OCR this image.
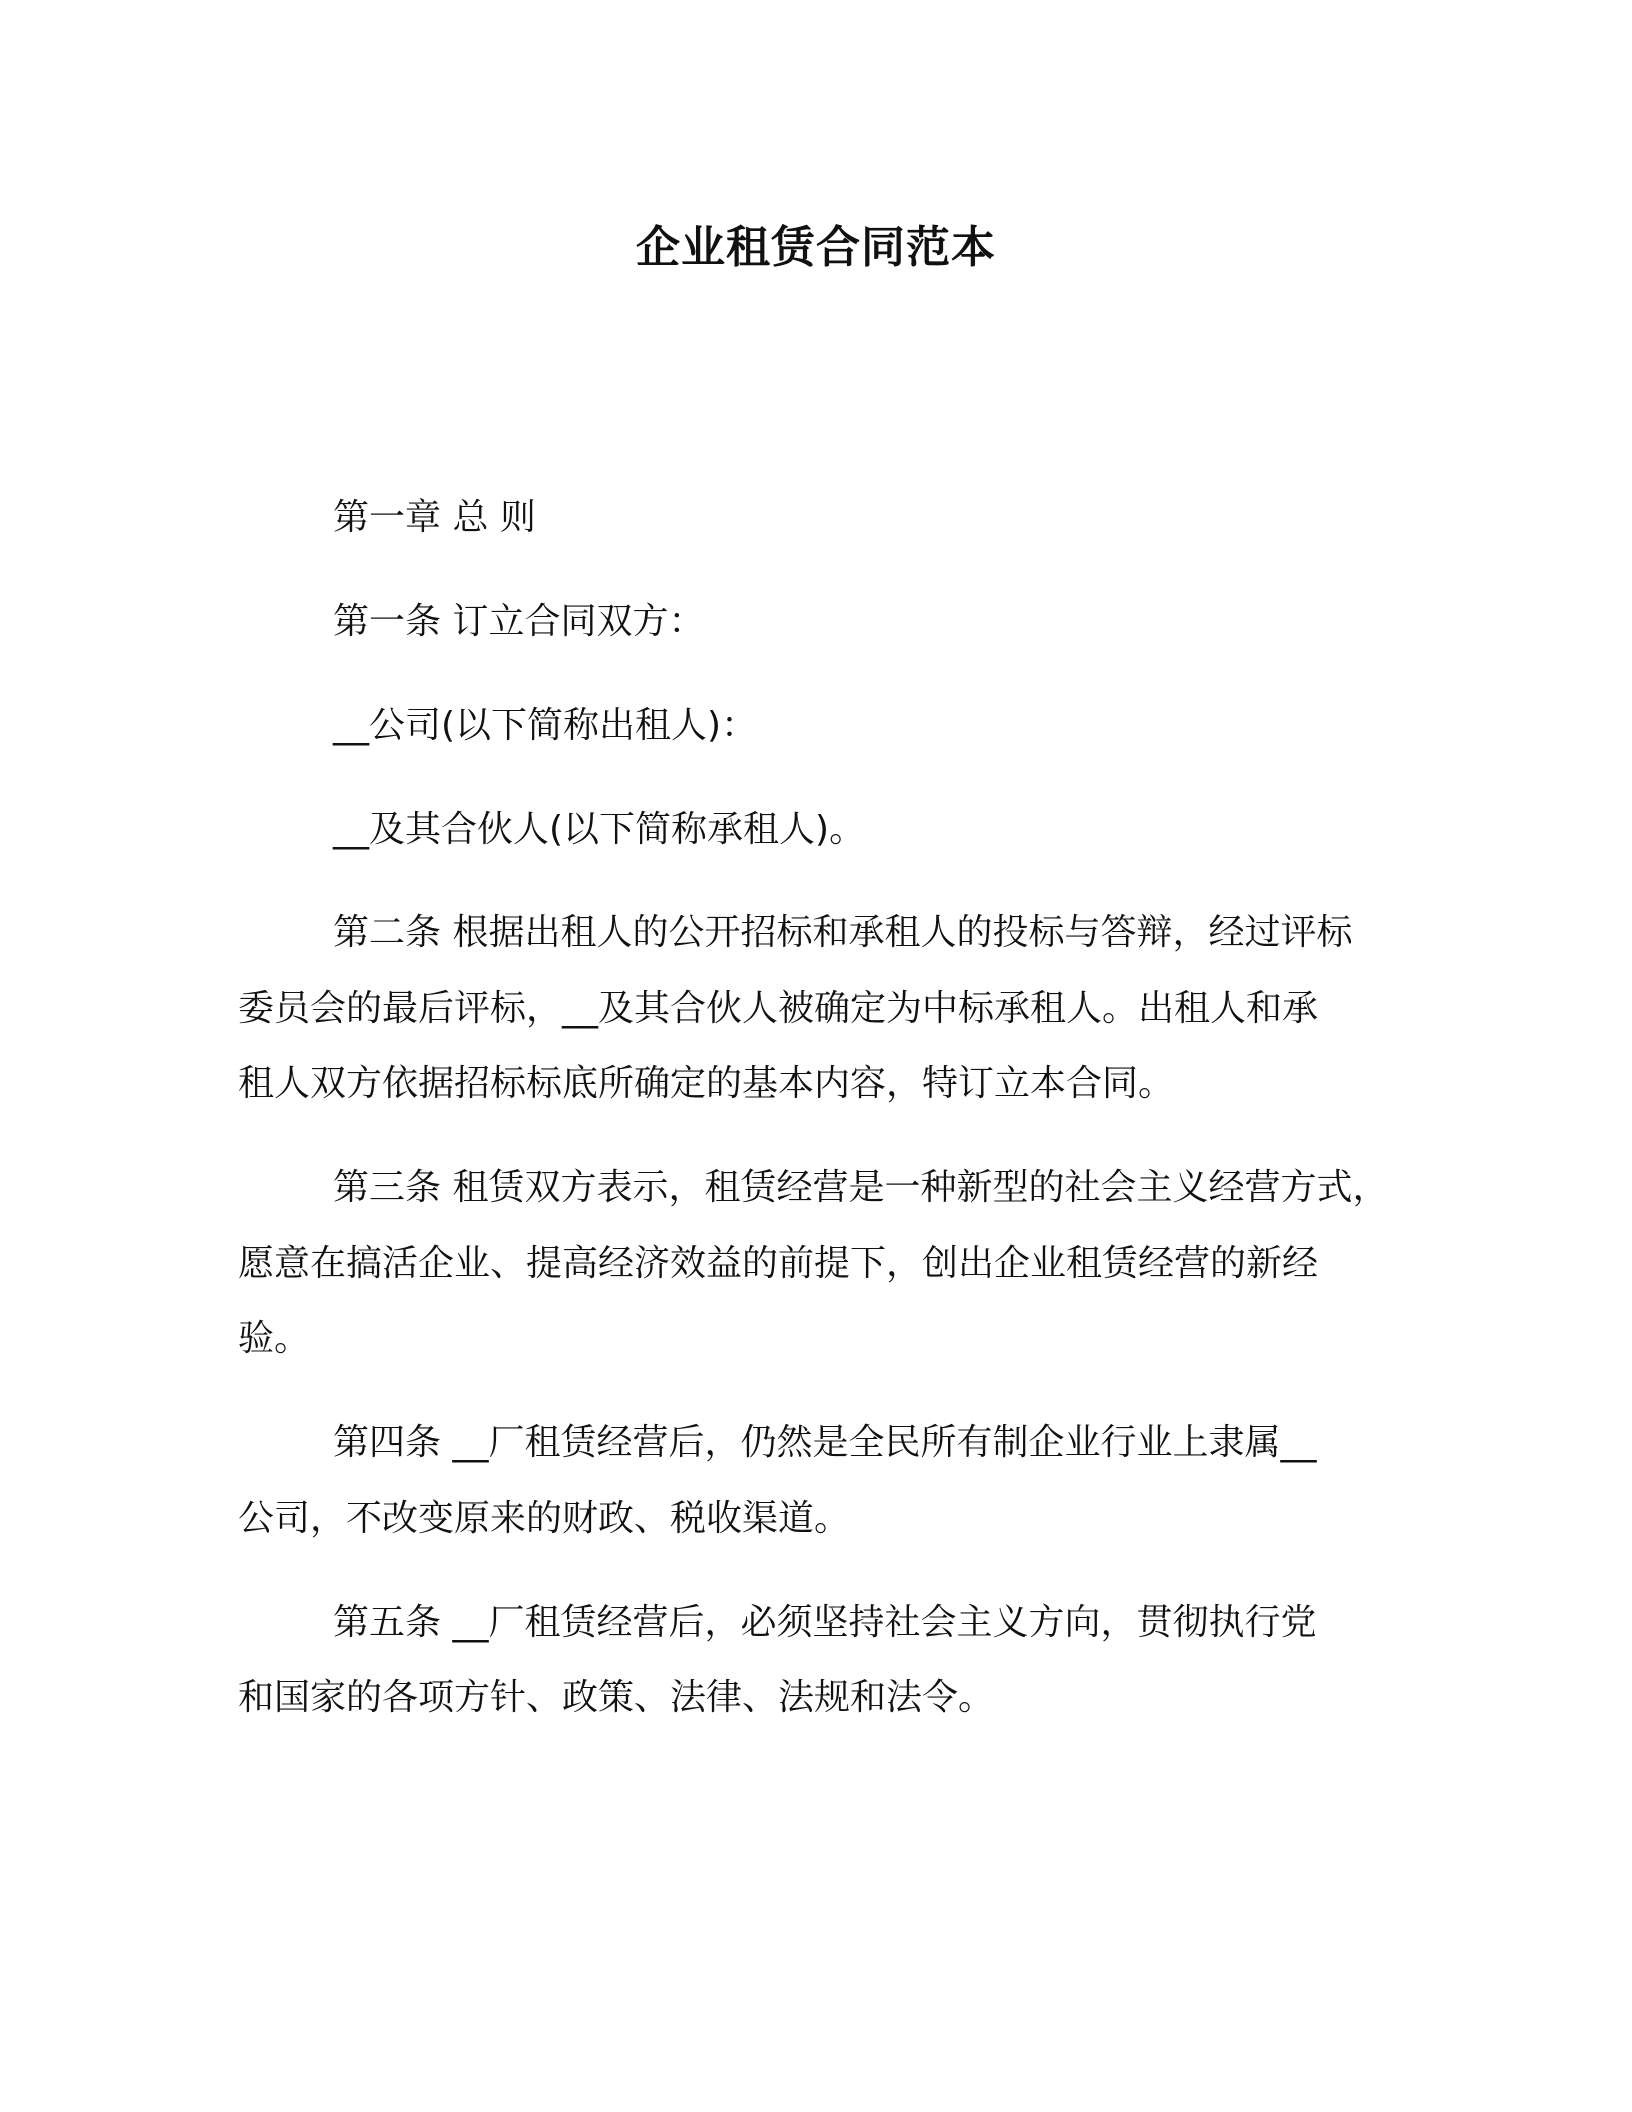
企业租赁合同范本
第一章 总 则
第一条 订立合同双方：
__公司(以下简称出租人)：
__及其合伙人(以下简称承租人)。
第二条 根据出租人的公开招标和承租人的投标与答辩，经过评标
委员会的最后评标，__及其合伙人被确定为中标承租人。出租人和承
租人双方依据招标标底所确定的基本内容，特订立本合同。
第三条 租赁双方表示，租赁经营是一种新型的社会主义经营方式，
愿意在搞活企业、提高经济效益的前提下，创出企业租赁经营的新经
验。
第四条 __厂租赁经营后，仍然是全民所有制企业行业上隶属__
公司，不改变原来的财政、税收渠道。
第五条 __厂租赁经营后，必须坚持社会主义方向，贯彻执行党
和国家的各项方针、政策、法律、法规和法令。
